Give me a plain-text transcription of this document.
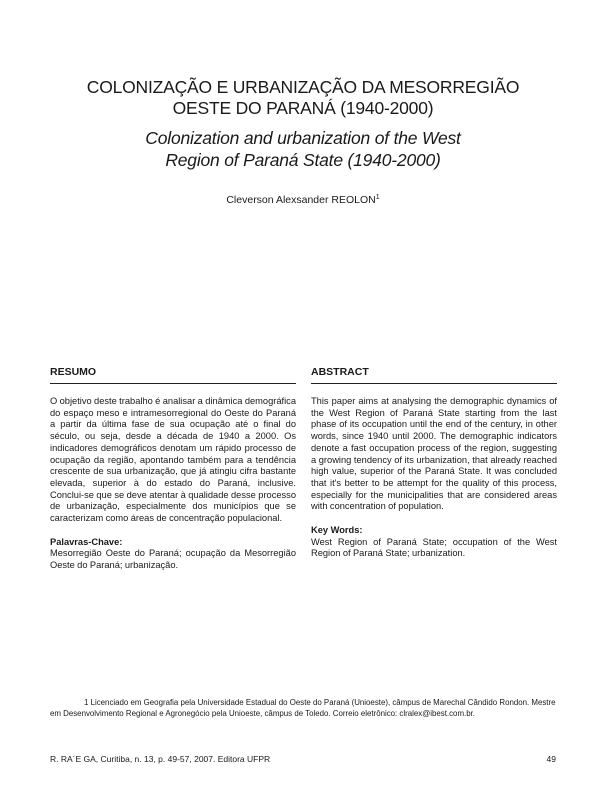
COLONIZAÇÃO E URBANIZAÇÃO DA MESORREGIÃO
OESTE DO PARANÁ (1940-2000)
Colonization and urbanization of the West
Region of Paraná State (1940-2000)
Cleverson Alexsander REOLON$^1$
RESUMO

O objetivo deste trabalho é analisar a dinâmica demográfica do espaço meso e intramesorregional do Oeste do Paraná a partir da última fase de sua ocupação até o final do século, ou seja, desde a década de 1940 a 2000. Os indicadores demográficos denotam um rápido processo de ocupação da região, apontando também para a tendência crescente de sua urbanização, que já atingiu cifra bastante elevada, superior à do estado do Paraná, inclusive. Conclui-se que se deve atentar à qualidade desse processo de urbanização, especialmente dos municípios que se caracterizam como áreas de concentração populacional.

Palavras-Chave:

Mesorregião Oeste do Paraná; ocupação da Mesorregião Oeste do Paraná; urbanização.

ABSTRACT

This paper aims at analysing the demographic dynamics of the West Region of Paraná State starting from the last phase of its occupation until the end of the century, in other words, since 1940 until 2000. The demographic indicators denote a fast occupation process of the region, suggesting a growing tendency of its urbanization, that already reached high value, superior of the Paraná State. It was concluded that it's better to be attempt for the quality of this process, especially for the municipalities that are considered areas with concentration of population.

Key Words:

West Region of Paraná State; occupation of the West Region of Paraná State; urbanization.

1 Licenciado em Geografia pela Universidade Estadual do Oeste do Paraná (Unioeste), câmpus de Marechal Cândido Rondon. Mestre em Desenvolvimento Regional e Agronegócio pela Unioeste, câmpus de Toledo. Correio eletrônico: clralex@ibest.com.br.
R. RA´E GA, Curitiba, n. 13, p. 49-57, 2007. Editora UFPR	49
